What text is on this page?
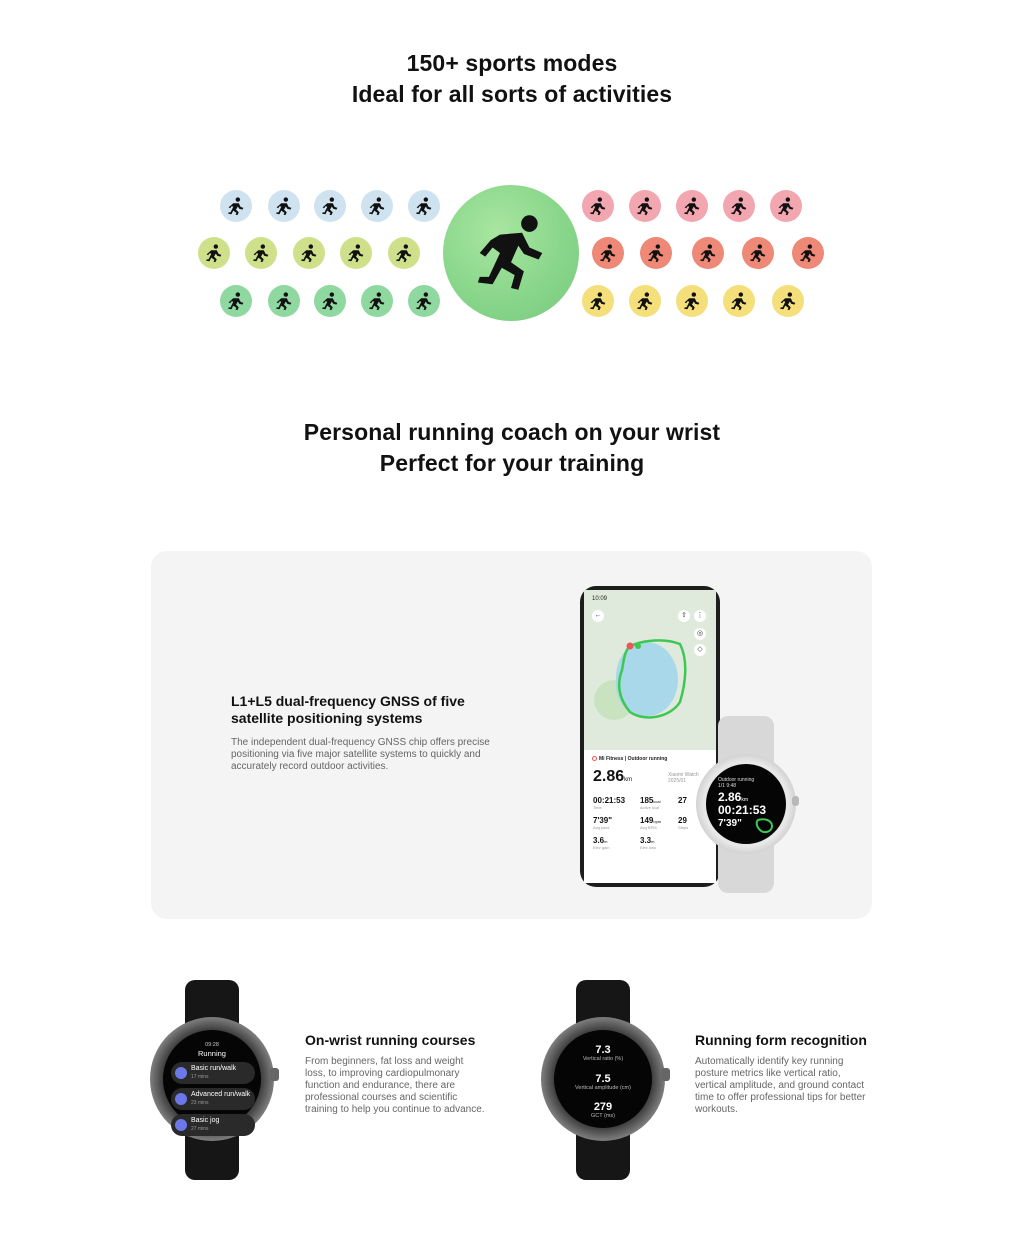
150+ sports modes
Ideal for all sorts of activities
Personal running coach on your wrist
Perfect for your training
L1+L5 dual-frequency GNSS of five satellite positioning systems
The independent dual-frequency GNSS chip offers precise positioning via five major satellite systems to quickly and accurately record outdoor activities.
10:09
←	⇧	⋮
◎
◇
Mi Fitness | Outdoor running
2.86km
Xiaomi Watch
2025/01
00:21:53
Time
185kcal
Active kcal
27
7'39"
Avg pace
149bpm
Avg BPM
29
Steps
3.6m
Elev gain
3.3m
Elev loss
Outdoor running
1/1 9:48
2.86km
00:21:53
7'39"
09:28
Running
Basic run/walk
17 mins
Advanced run/walk
23 mins
Basic jog
27 mins
On-wrist running courses
From beginners, fat loss and weight loss, to improving cardiopulmonary function and endurance, there are professional courses and scientific training to help you continue to advance.
7.3
Vertical ratio (%)
7.5
Vertical amplitude (cm)
279
GCT (ms)
Running form recognition
Automatically identify key running posture metrics like vertical ratio, vertical amplitude, and ground contact time to offer professional tips for better workouts.
